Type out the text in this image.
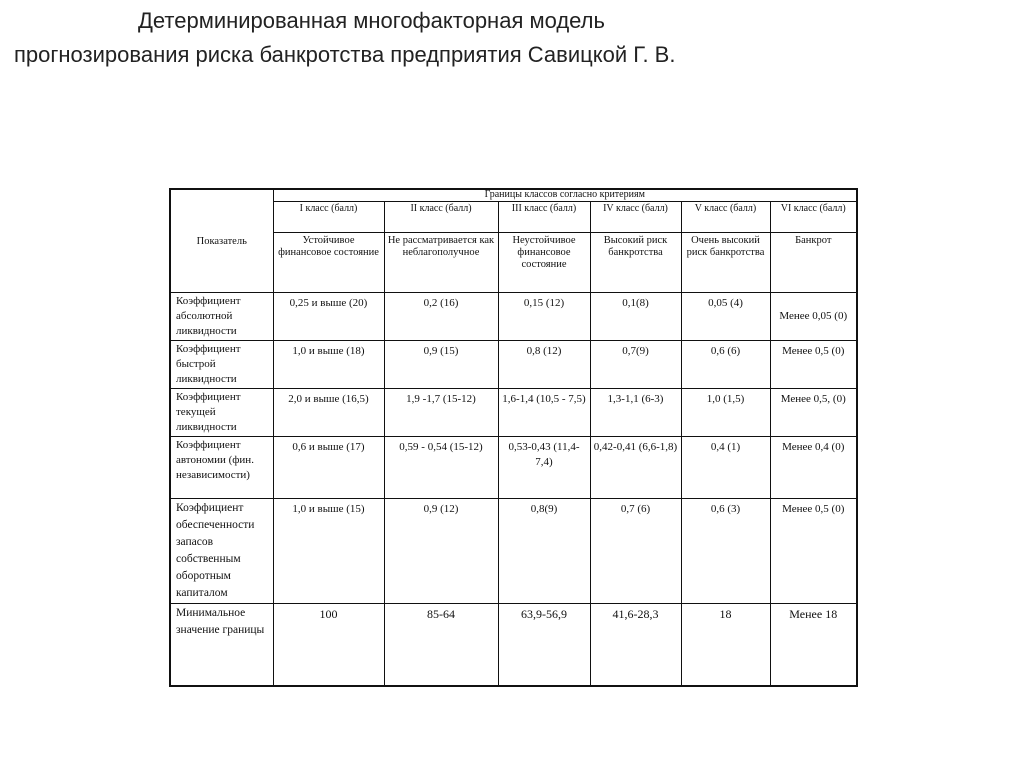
Детерминированная многофакторная модель
прогнозирования риска банкротства предприятия Савицкой Г. В.
Показатель	Границы классов согласно критериям					
	I класс (балл)	II класс (балл)	III класс (балл)	IV класс (балл)	V класс (балл)	VI класс (балл)
	Устойчивое финансовое состояние	Не рассматривается как неблагополучное	Неустойчивое финансовое состояние	Высокий риск банкротства	Очень высокий риск банкротства	Банкрот
Коэффициент абсолютной ликвидности	0,25 и выше (20)	0,2 (16)	0,15 (12)	0,1(8)	0,05 (4)	Менее 0,05 (0)
Коэффициент быстрой ликвидности	1,0 и выше (18)	0,9 (15)	0,8 (12)	0,7(9)	0,6 (6)	Менее 0,5 (0)
Коэффициент текущей ликвидности	2,0 и выше (16,5)	1,9 -1,7 (15-12)	1,6-1,4 (10,5 - 7,5)	1,3-1,1 (6-3)	1,0 (1,5)	Менее 0,5, (0)
Коэффициент автономии (фин. независимости)	0,6 и выше (17)	0,59 - 0,54 (15-12)	0,53-0,43 (11,4-7,4)	0,42-0,41 (6,6-1,8)	0,4 (1)	Менее 0,4 (0)
Коэффициент обеспеченности запасов собственным оборотным капиталом	1,0 и выше (15)	0,9 (12)	0,8(9)	0,7 (6)	0,6 (3)	Менее 0,5 (0)
Минимальное значение границы	100	85-64	63,9-56,9	41,6-28,3	18	Менее 18
